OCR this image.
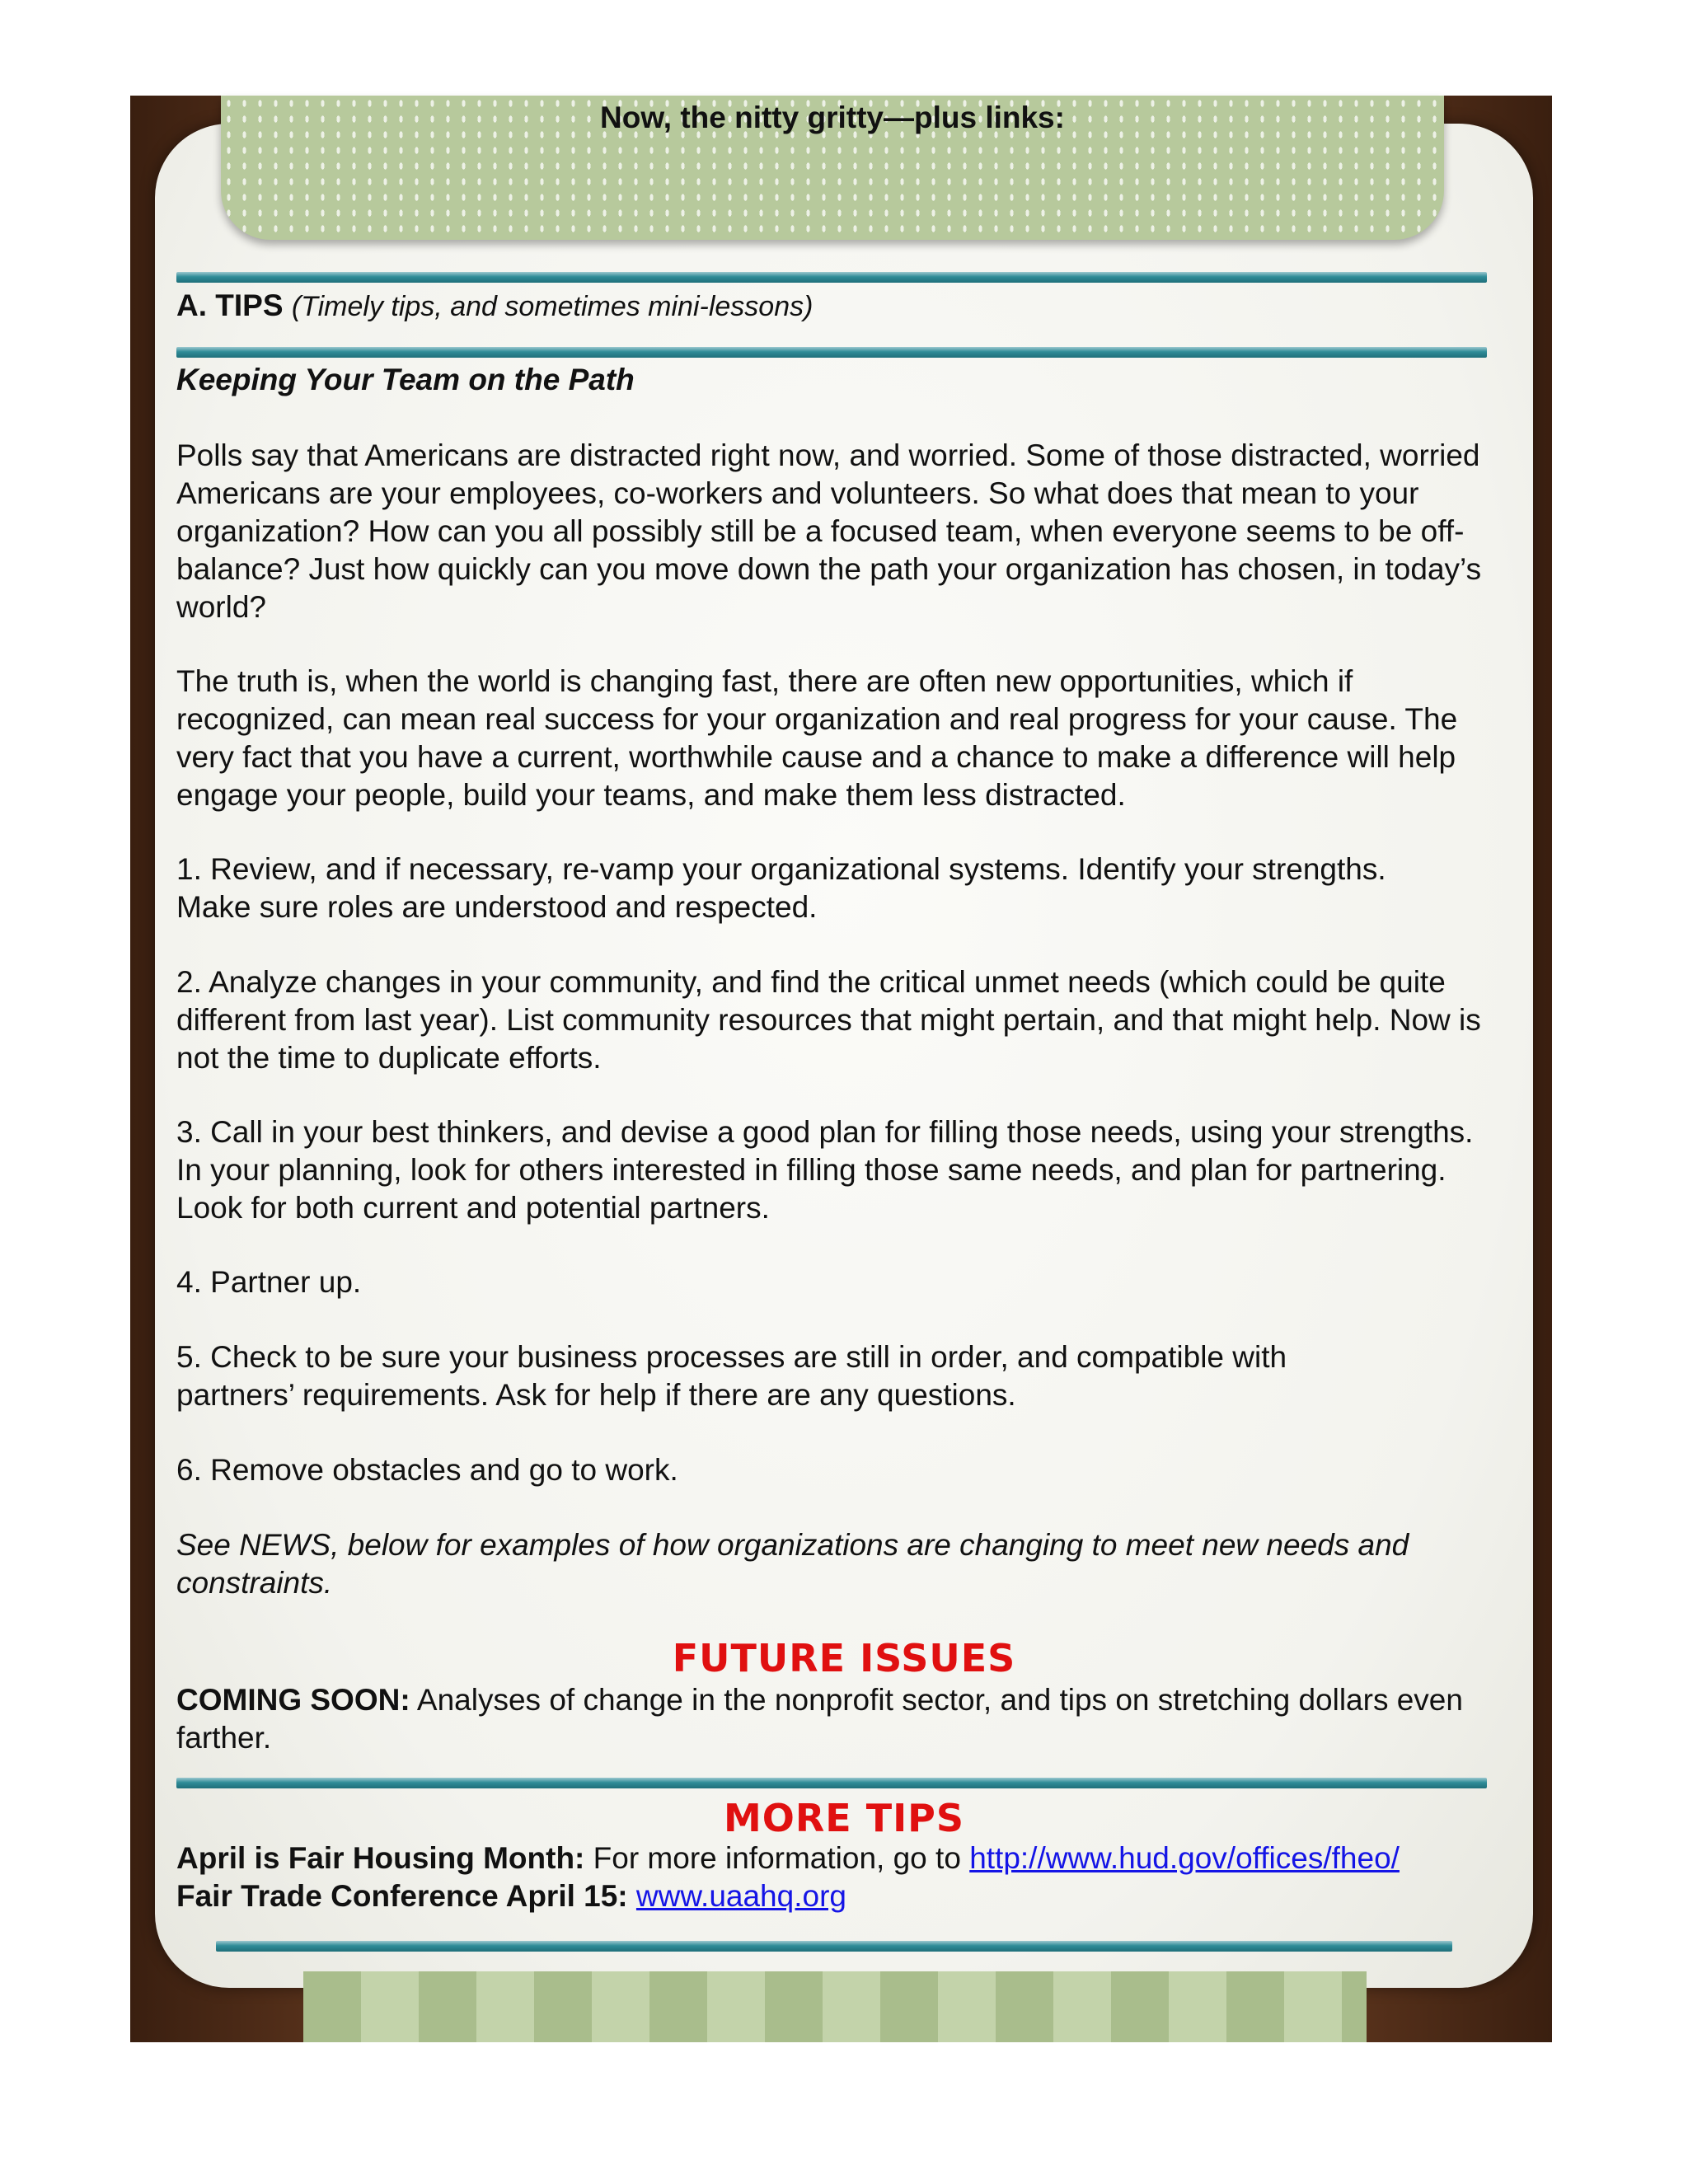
Now, the nitty gritty—plus links:

A. TIPS (Timely tips, and sometimes mini-lessons)

Keeping Your Team on the Path

Polls say that Americans are distracted right now, and worried. Some of those distracted, worried Americans are your employees, co-workers and volunteers. So what does that mean to your organization? How can you all possibly still be a focused team, when everyone seems to be off-balance? Just how quickly can you move down the path your organization has chosen, in today’s world?

The truth is, when the world is changing fast, there are often new opportunities, which if recognized, can mean real success for your organization and real progress for your cause. The very fact that you have a current, worthwhile cause and a chance to make a difference will help engage your people, build your teams, and make them less distracted.

1. Review, and if necessary, re-vamp your organizational systems. Identify your strengths. Make sure roles are understood and respected.

2. Analyze changes in your community, and find the critical unmet needs (which could be quite different from last year). List community resources that might pertain, and that might help. Now is not the time to duplicate efforts.

3. Call in your best thinkers, and devise a good plan for filling those needs, using your strengths. In your planning, look for others interested in filling those same needs, and plan for partnering. Look for both current and potential partners.

4. Partner up.

5. Check to be sure your business processes are still in order, and compatible with partners’ requirements. Ask for help if there are any questions.

6. Remove obstacles and go to work.

See NEWS, below for examples of how organizations are changing to meet new needs and constraints.

FUTURE ISSUES

COMING SOON: Analyses of change in the nonprofit sector, and tips on stretching dollars even farther.

MORE TIPS

April is Fair Housing Month: For more information, go to http://www.hud.gov/offices/fheo/

Fair Trade Conference April 15: www.uaahq.org
